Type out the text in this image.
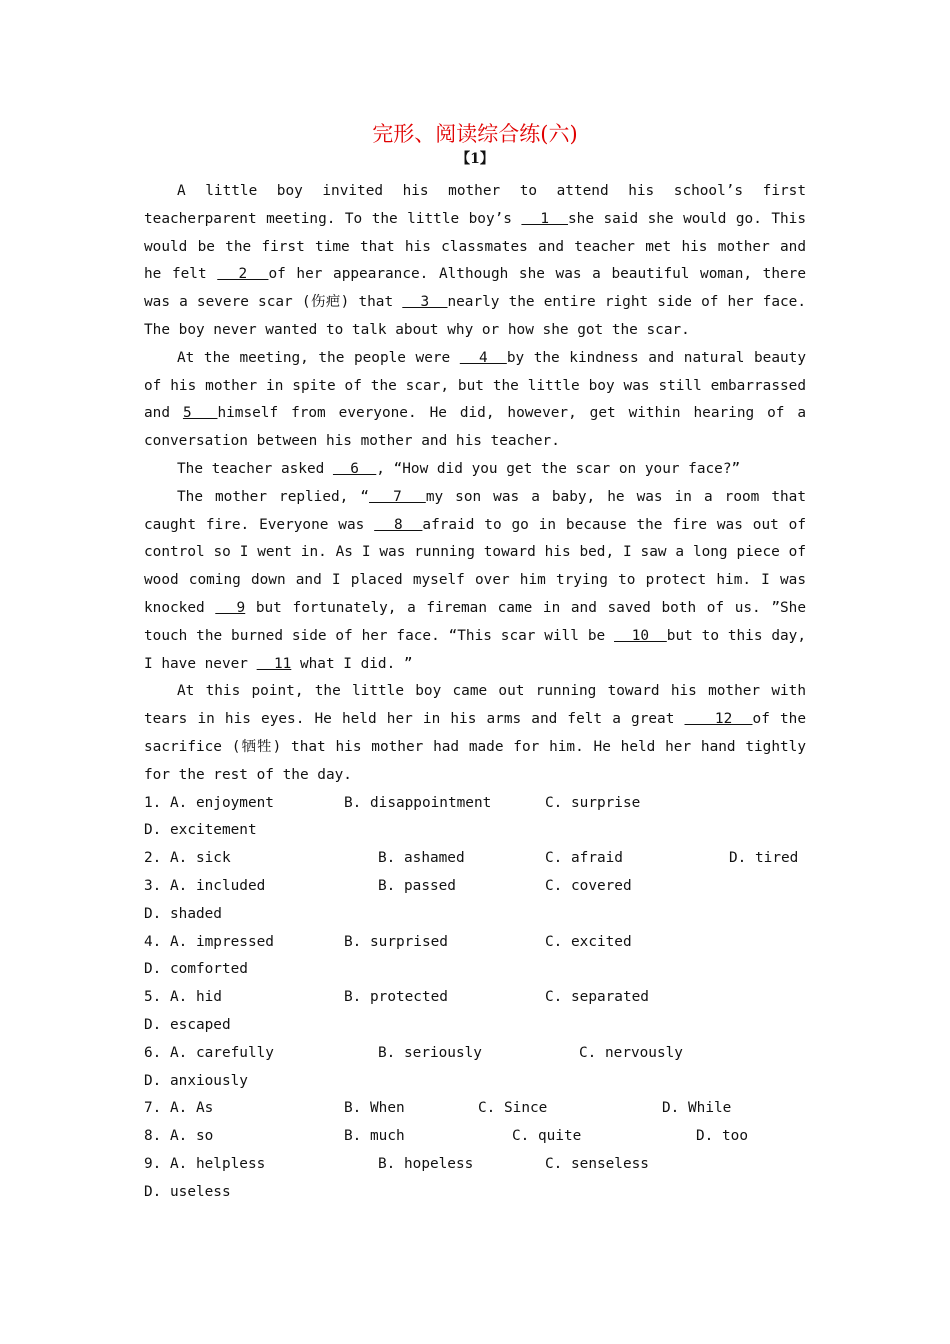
完形、阅读综合练(六)
【1】

A little boy invited his mother to attend his school’s first teacherparent meeting. To the little boy’s   1  she said she would go. This would be the first time that his classmates and teacher met his mother and he felt   2  of her appearance. Although she was a beautiful woman, there was a severe scar (伤疤) that   3  nearly the entire right side of her face. The boy never wanted to talk about why or how she got the scar.

At the meeting, the people were   4  by the kindness and natural beauty of his mother in spite of the scar, but the little boy was still embarrassed and 5  himself from everyone. He did, however, get within hearing of a conversation between his mother and his teacher.

The teacher asked   6  , “How did you get the scar on your face?”

The mother replied, “  7  my son was a baby, he was in a room that caught fire. Everyone was   8  afraid to go in because the fire was out of control so I went in. As I was running toward his bed, I saw a long piece of wood coming down and I placed myself over him trying to protect him. I was knocked   9 but fortunately, a fireman came in and saved both of us. ”She touch the burned side of her face. “This scar will be   10  but to this day, I have never   11 what I did. ”

At this point, the little boy came out running toward his mother with tears in his eyes. He held her in his arms and felt a great    12  of the sacrifice (牺牲) that his mother had made for him. He held her hand tightly for the rest of the day.

1. A. enjoyment	B. disappointment	C. surprise
D. excitement
2. A. sick	B. ashamed	C. afraid	D. tired
3. A. included	B. passed	C. covered
D. shaded
4. A. impressed	B. surprised	C. excited
D. comforted
5. A. hid	B. protected	C. separated
D. escaped
6. A. carefully	B. seriously	C. nervously
D. anxiously
7. A. As	B. When	C. Since	D. While
8. A. so	B. much	C. quite	D. too
9. A. helpless	B. hopeless	C. senseless
D. useless
